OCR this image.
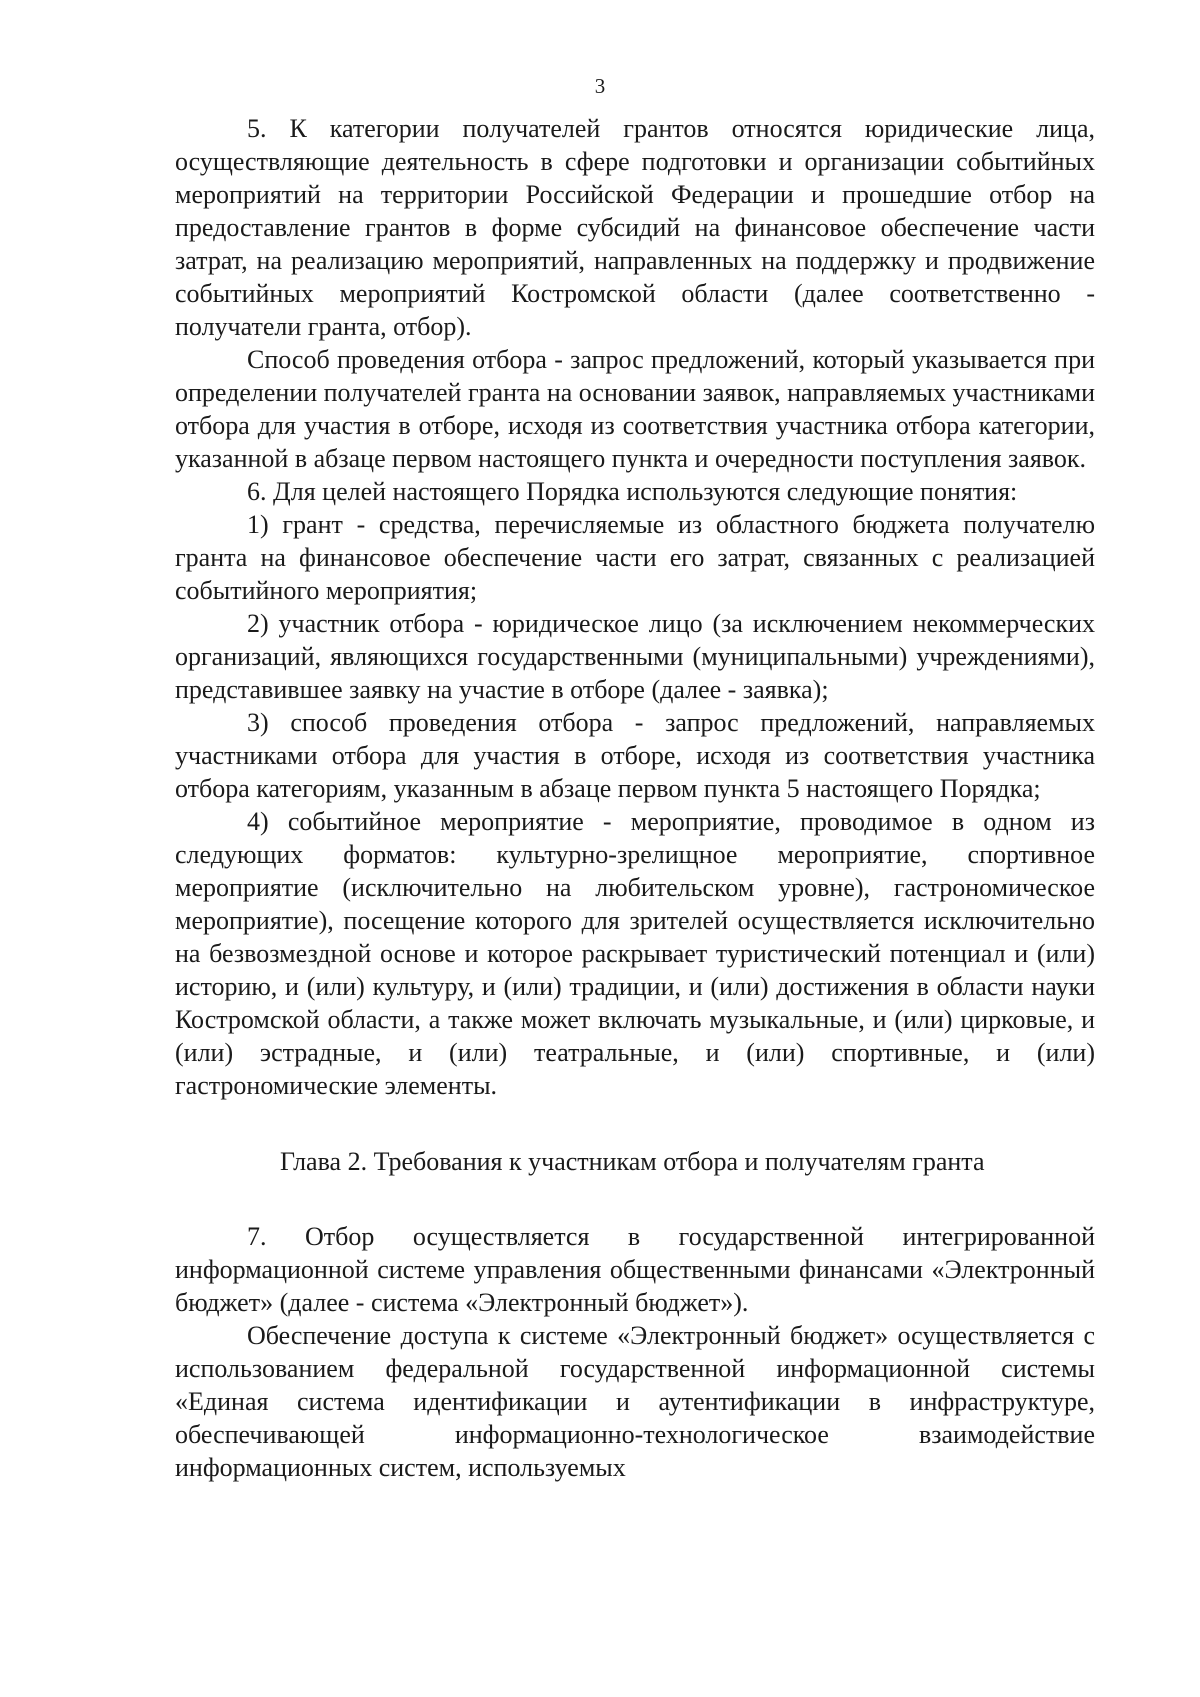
3

5. К категории получателей грантов относятся юридические лица, осуществляющие деятельность в сфере подготовки и организации событийных мероприятий на территории Российской Федерации и прошедшие отбор на предоставление грантов в форме субсидий на финансовое обеспечение части затрат, на реализацию мероприятий, направленных на поддержку и продвижение событийных мероприятий Костромской области (далее соответственно - получатели гранта, отбор).

Способ проведения отбора - запрос предложений, который указывается при определении получателей гранта на основании заявок, направляемых участниками отбора для участия в отборе, исходя из соответствия участника отбора категории, указанной в абзаце первом настоящего пункта и очередности поступления заявок.

6. Для целей настоящего Порядка используются следующие понятия:

1) грант - средства, перечисляемые из областного бюджета получателю гранта на финансовое обеспечение части его затрат, связанных с реализацией событийного мероприятия;

2) участник отбора - юридическое лицо (за исключением некоммерческих организаций, являющихся государственными (муниципальными) учреждениями), представившее заявку на участие в отборе (далее - заявка);

3) способ проведения отбора - запрос предложений, направляемых участниками отбора для участия в отборе, исходя из соответствия участника отбора категориям, указанным в абзаце первом пункта 5 настоящего Порядка;

4) событийное мероприятие - мероприятие, проводимое в одном из следующих форматов: культурно-зрелищное мероприятие, спортивное мероприятие (исключительно на любительском уровне), гастрономическое мероприятие), посещение которого для зрителей осуществляется исключительно на безвозмездной основе и которое раскрывает туристический потенциал и (или) историю, и (или) культуру, и (или) традиции, и (или) достижения в области науки Костромской области, а также может включать музыкальные, и (или) цирковые, и (или) эстрадные, и (или) театральные, и (или) спортивные, и (или) гастрономические элементы.

Глава 2. Требования к участникам отбора и получателям гранта

7. Отбор осуществляется в государственной интегрированной информационной системе управления общественными финансами «Электронный бюджет» (далее - система «Электронный бюджет»).

Обеспечение доступа к системе «Электронный бюджет» осуществляется с использованием федеральной государственной информационной системы «Единая система идентификации и аутентификации в инфраструктуре, обеспечивающей информационно-технологическое взаимодействие информационных систем, используемых
